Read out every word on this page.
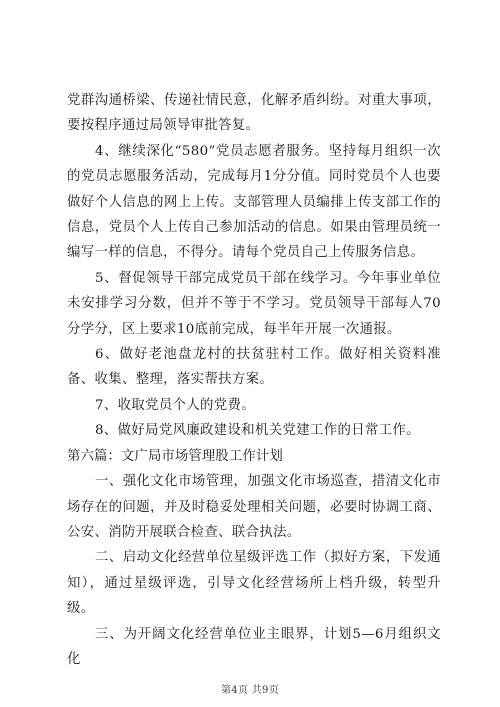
党群沟通桥梁、传递社情民意，化解矛盾纠纷。对重大事项，要按程序通过局领导审批答复。

4、继续深化“580”党员志愿者服务。坚持每月组织一次的党员志愿服务活动，完成每月1分分值。同时党员个人也要做好个人信息的网上上传。支部管理人员编排上传支部工作的信息，党员个人上传自己参加活动的信息。如果由管理员统一编写一样的信息，不得分。请每个党员自己上传服务信息。

5、督促领导干部完成党员干部在线学习。今年事业单位未安排学习分数，但并不等于不学习。党员领导干部每人70分学分，区上要求10底前完成，每半年开展一次通报。

6、做好老池盘龙村的扶贫驻村工作。做好相关资料准备、收集、整理，落实帮扶方案。

7、收取党员个人的党费。

8、做好局党风廉政建设和机关党建工作的日常工作。

第六篇：文广局市场管理股工作计划

一、强化文化市场管理，加强文化市场巡查，措清文化市场存在的问题，并及时稳妥处理相关问题，必要时协调工商、公安、消防开展联合检查、联合执法。

二、启动文化经营单位星级评选工作（拟好方案，下发通知），通过星级评选，引导文化经营场所上档升级，转型升级。

三、为开阔文化经营单位业主眼界，计划5—6月组织文化

第4页 共9页
